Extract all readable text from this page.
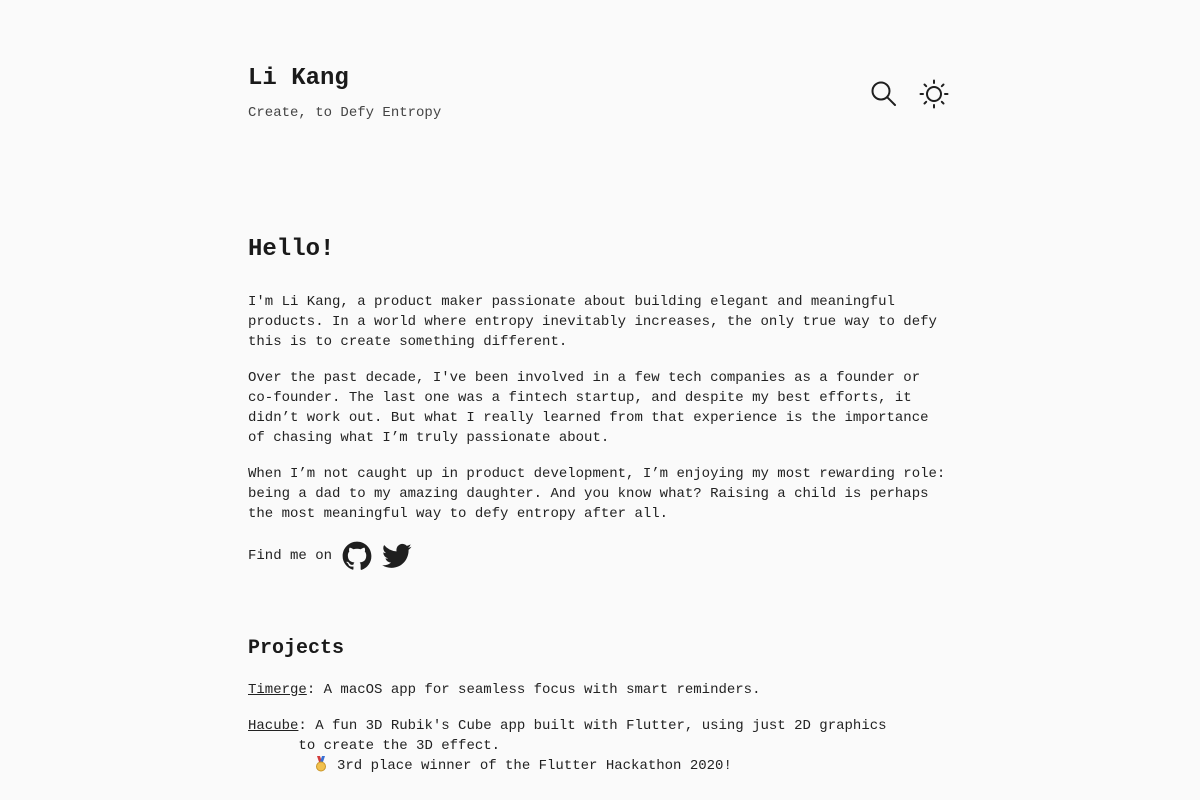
Li Kang
Create, to Defy Entropy
Hello!

I'm Li Kang, a product maker passionate about building elegant and meaningful products. In a world where entropy inevitably increases, the only true way to defy this is to create something different.

Over the past decade, I've been involved in a few tech companies as a founder or co-founder. The last one was a fintech startup, and despite my best efforts, it didn’t work out. But what I really learned from that experience is the importance of chasing what I’m truly passionate about.

When I’m not caught up in product development, I’m enjoying my most rewarding role: being a dad to my amazing daughter. And you know what? Raising a child is perhaps the most meaningful way to defy entropy after all.

Find me on
Projects
Timerge: A macOS app for seamless focus with smart reminders.
Hacube: A fun 3D Rubik's Cube app built with Flutter, using just 2D graphics to create the 3D effect.
3rd place winner of the Flutter Hackathon 2020!
